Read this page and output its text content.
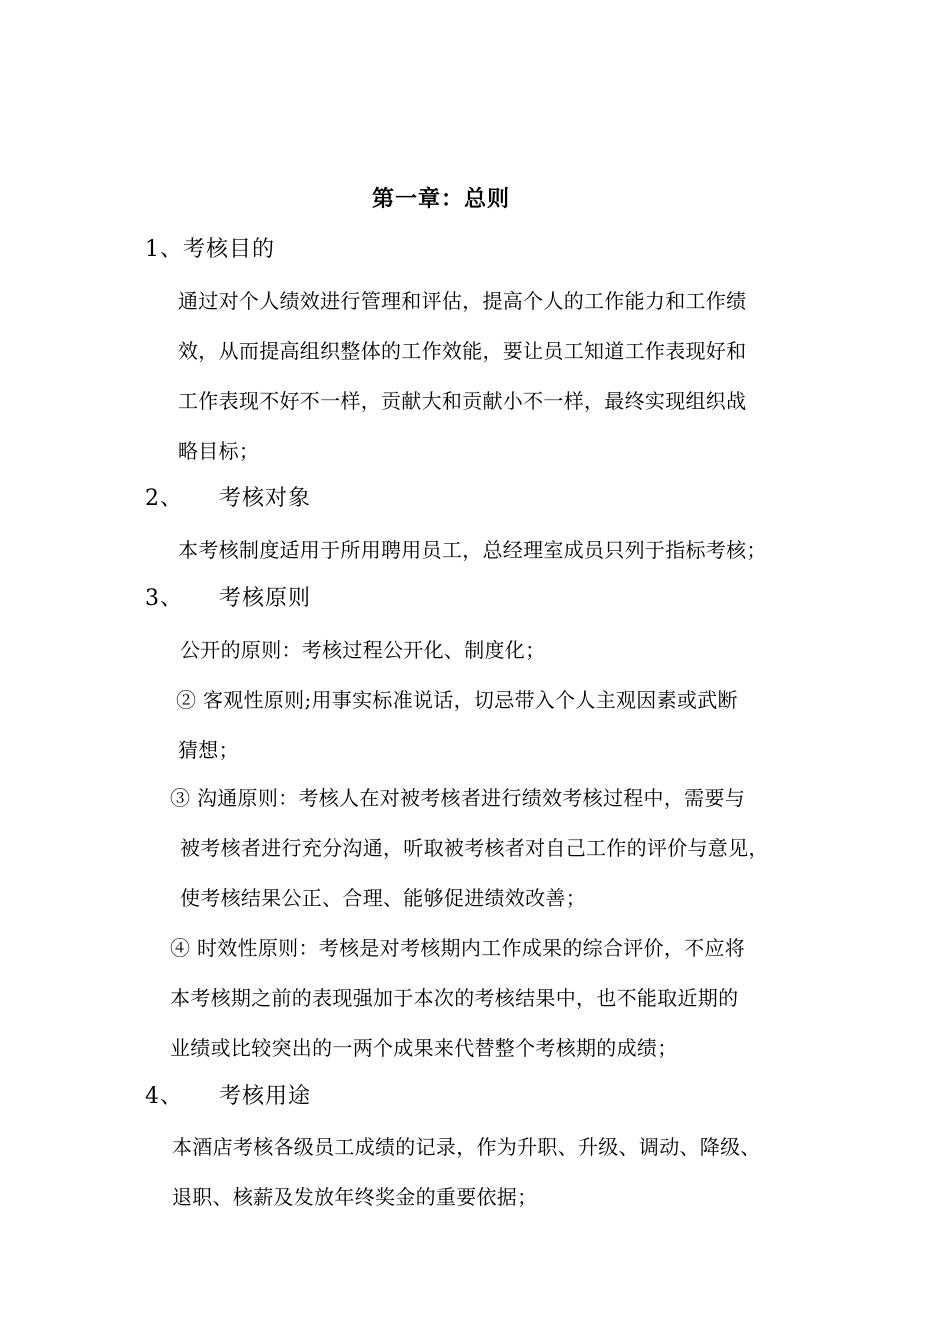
第一章：总则
1、考核目的
通过对个人绩效进行管理和评估，提高个人的工作能力和工作绩
效，从而提高组织整体的工作效能，要让员工知道工作表现好和
工作表现不好不一样，贡献大和贡献小不一样，最终实现组织战
略目标；
2、 考核对象
本考核制度适用于所用聘用员工，总经理室成员只列于指标考核；
3、 考核原则
公开的原则：考核过程公开化、制度化；
② 客观性原则;用事实标准说话，切忌带入个人主观因素或武断
猜想；
③ 沟通原则：考核人在对被考核者进行绩效考核过程中，需要与
被考核者进行充分沟通，听取被考核者对自己工作的评价与意见，
使考核结果公正、合理、能够促进绩效改善；
④ 时效性原则：考核是对考核期内工作成果的综合评价，不应将
本考核期之前的表现强加于本次的考核结果中，也不能取近期的
业绩或比较突出的一两个成果来代替整个考核期的成绩；
4、 考核用途
本酒店考核各级员工成绩的记录，作为升职、升级、调动、降级、
退职、核薪及发放年终奖金的重要依据；
